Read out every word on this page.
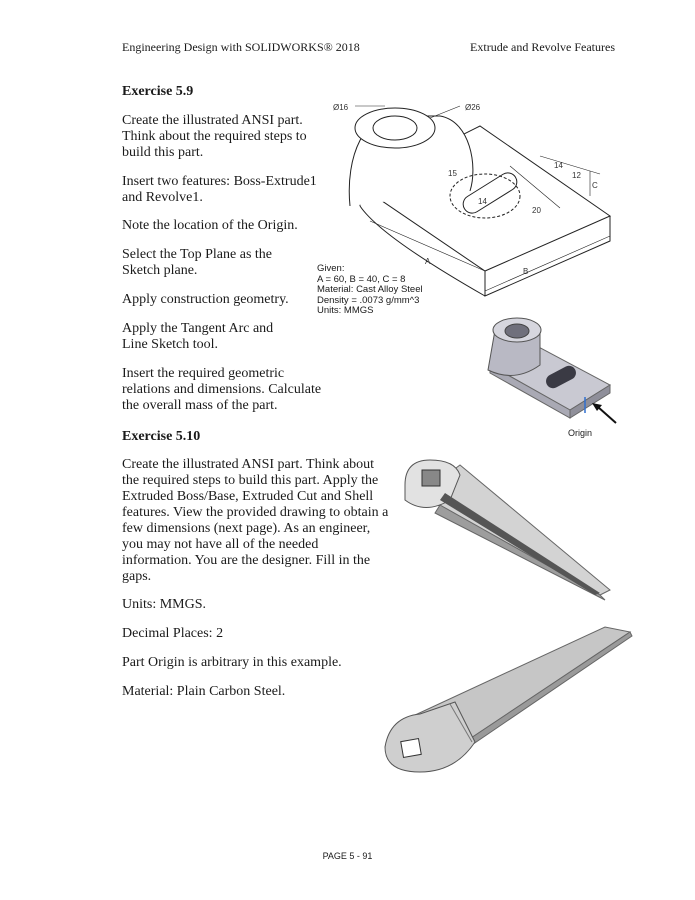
Engineering Design with SOLIDWORKS® 2018	Extrude and Revolve Features
Exercise 5.9
Create the illustrated ANSI part.
Think about the required steps to
build this part.
Insert two features: Boss-Extrude1
and Revolve1.
Note the location of the Origin.
Select the Top Plane as the
Sketch plane.
Apply construction geometry.
Apply the Tangent Arc and
Line Sketch tool.
Insert the required geometric
relations and dimensions. Calculate
the overall mass of the part.
Ø16	Ø26
15
14
14
12
20
A
B
C
Given:
A = 60, B = 40, C = 8
Material: Cast Alloy Steel
Density = .0073 g/mm^3
Units: MMGS
Origin
Exercise 5.10
Create the illustrated ANSI part. Think about
the required steps to build this part. Apply the
Extruded Boss/Base, Extruded Cut and Shell
features. View the provided drawing to obtain a
few dimensions (next page). As an engineer,
you may not have all of the needed
information. You are the designer. Fill in the
gaps.
Units: MMGS.
Decimal Places: 2
Part Origin is arbitrary in this example.
Material: Plain Carbon Steel.
PAGE 5 - 91
